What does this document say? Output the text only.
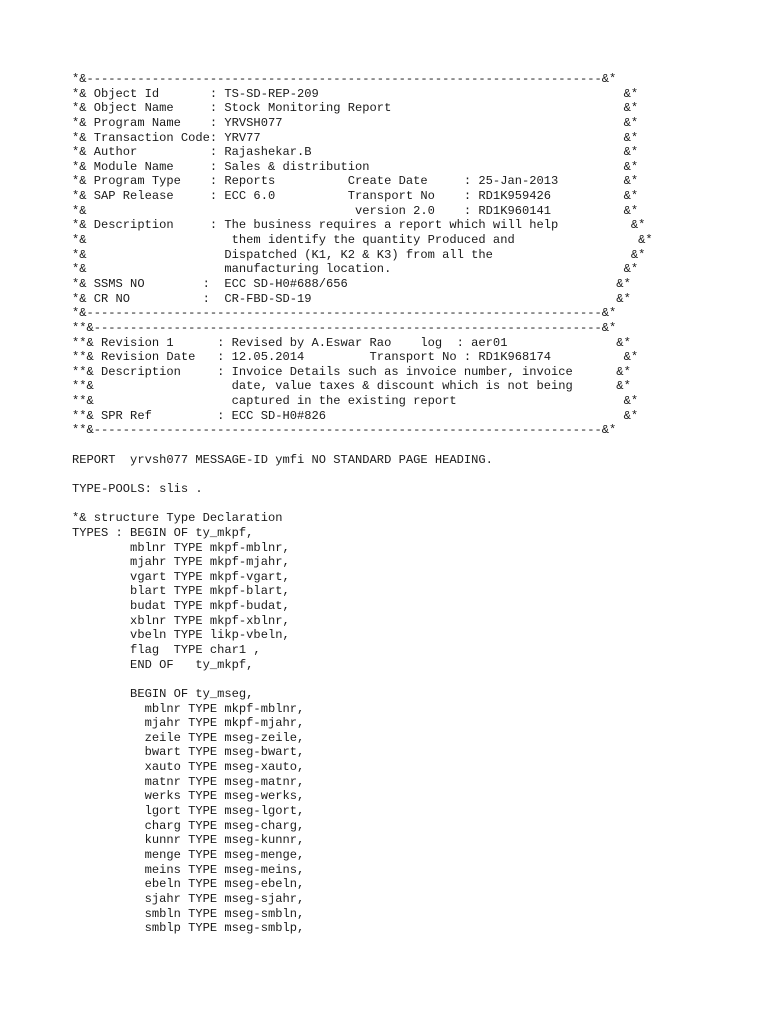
*&-----------------------------------------------------------------------&*
*& Object Id       : TS-SD-REP-209                                          &*
*& Object Name     : Stock Monitoring Report                                &*
*& Program Name    : YRVSH077                                               &*
*& Transaction Code: YRV77                                                  &*
*& Author          : Rajashekar.B                                           &*
*& Module Name     : Sales & distribution                                   &*
*& Program Type    : Reports          Create Date     : 25-Jan-2013         &*
*& SAP Release     : ECC 6.0          Transport No    : RD1K959426          &*
*&                                     version 2.0    : RD1K960141          &*
*& Description     : The business requires a report which will help          &*
*&                    them identify the quantity Produced and                 &*
*&                   Dispatched (K1, K2 & K3) from all the                   &*
*&                   manufacturing location.                                &*
*& SSMS NO        :  ECC SD-H0#688/656                                     &*
*& CR NO          :  CR-FBD-SD-19                                          &*
*&-----------------------------------------------------------------------&*
**&----------------------------------------------------------------------&*
**& Revision 1      : Revised by A.Eswar Rao    log  : aer01               &*
**& Revision Date   : 12.05.2014         Transport No : RD1K968174          &*
**& Description     : Invoice Details such as invoice number, invoice      &*
**&                   date, value taxes & discount which is not being      &*
**&                   captured in the existing report                       &*
**& SPR Ref         : ECC SD-H0#826                                         &*
**&----------------------------------------------------------------------&*
REPORT  yrvsh077 MESSAGE-ID ymfi NO STANDARD PAGE HEADING.
TYPE-POOLS: slis .
*& structure Type Declaration
TYPES : BEGIN OF ty_mkpf,
mblnr TYPE mkpf-mblnr,
mjahr TYPE mkpf-mjahr,
vgart TYPE mkpf-vgart,
blart TYPE mkpf-blart,
budat TYPE mkpf-budat,
xblnr TYPE mkpf-xblnr,
vbeln TYPE likp-vbeln,
flag  TYPE char1 ,
END OF   ty_mkpf,
BEGIN OF ty_mseg,
mblnr TYPE mkpf-mblnr,
mjahr TYPE mkpf-mjahr,
zeile TYPE mseg-zeile,
bwart TYPE mseg-bwart,
xauto TYPE mseg-xauto,
matnr TYPE mseg-matnr,
werks TYPE mseg-werks,
lgort TYPE mseg-lgort,
charg TYPE mseg-charg,
kunnr TYPE mseg-kunnr,
menge TYPE mseg-menge,
meins TYPE mseg-meins,
ebeln TYPE mseg-ebeln,
sjahr TYPE mseg-sjahr,
smbln TYPE mseg-smbln,
smblp TYPE mseg-smblp,
